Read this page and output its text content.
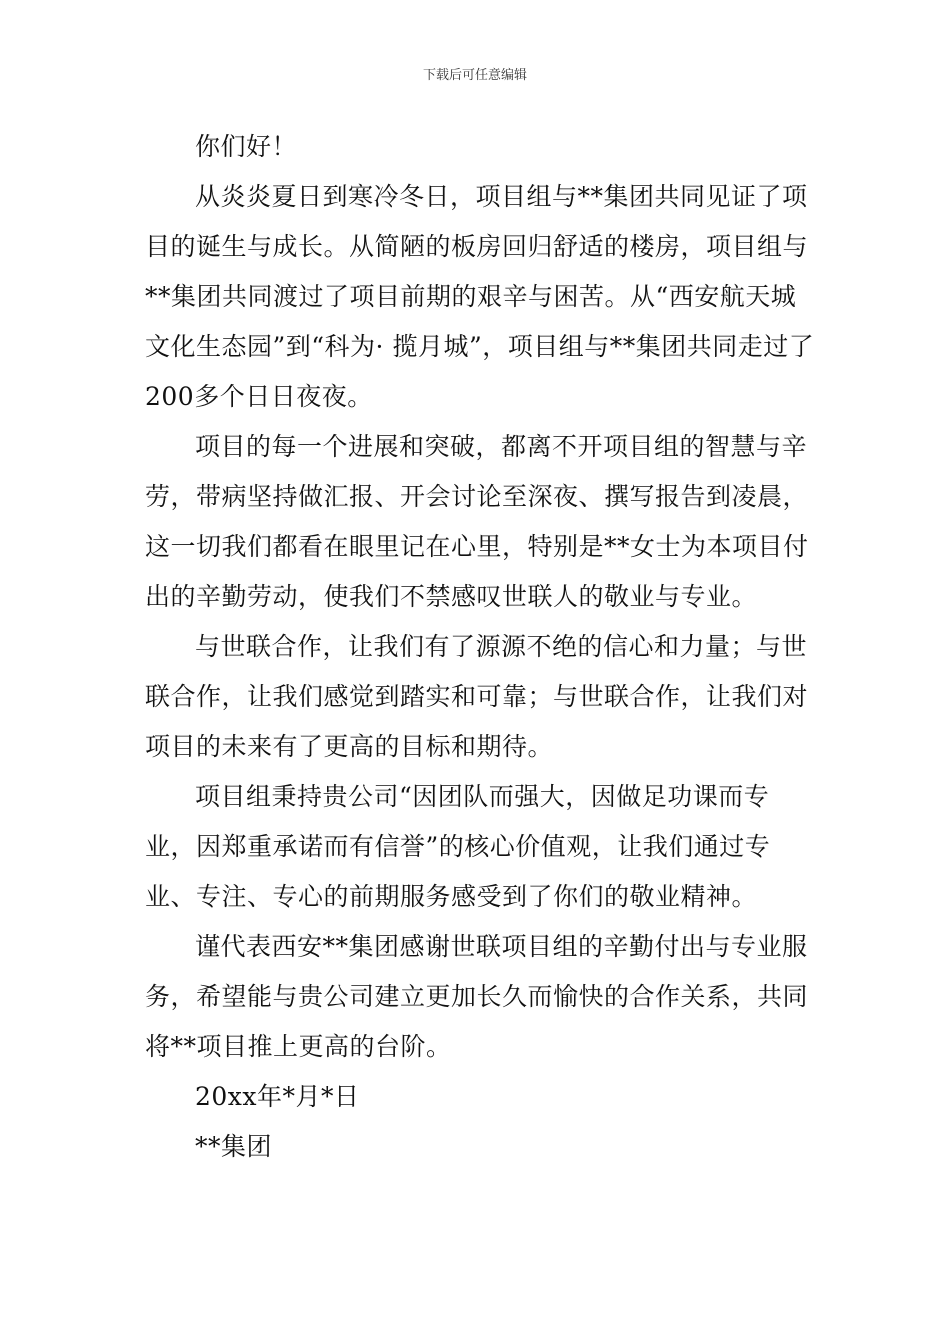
下载后可任意编辑

你们好！

从炎炎夏日到寒冷冬日，项目组与**集团共同见证了项目的诞生与成长。从简陋的板房回归舒适的楼房，项目组与**集团共同渡过了项目前期的艰辛与困苦。从“西安航天城文化生态园”到“科为· 揽月城”，项目组与**集团共同走过了200多个日日夜夜。

项目的每一个进展和突破，都离不开项目组的智慧与辛劳，带病坚持做汇报、开会讨论至深夜、撰写报告到凌晨，这一切我们都看在眼里记在心里，特别是**女士为本项目付出的辛勤劳动，使我们不禁感叹世联人的敬业与专业。

与世联合作，让我们有了源源不绝的信心和力量；与世联合作，让我们感觉到踏实和可靠；与世联合作，让我们对项目的未来有了更高的目标和期待。

项目组秉持贵公司“因团队而强大，因做足功课而专业，因郑重承诺而有信誉”的核心价值观，让我们通过专业、专注、专心的前期服务感受到了你们的敬业精神。

谨代表西安**集团感谢世联项目组的辛勤付出与专业服务，希望能与贵公司建立更加长久而愉快的合作关系，共同将**项目推上更高的台阶。

20xx年*月*日

**集团
